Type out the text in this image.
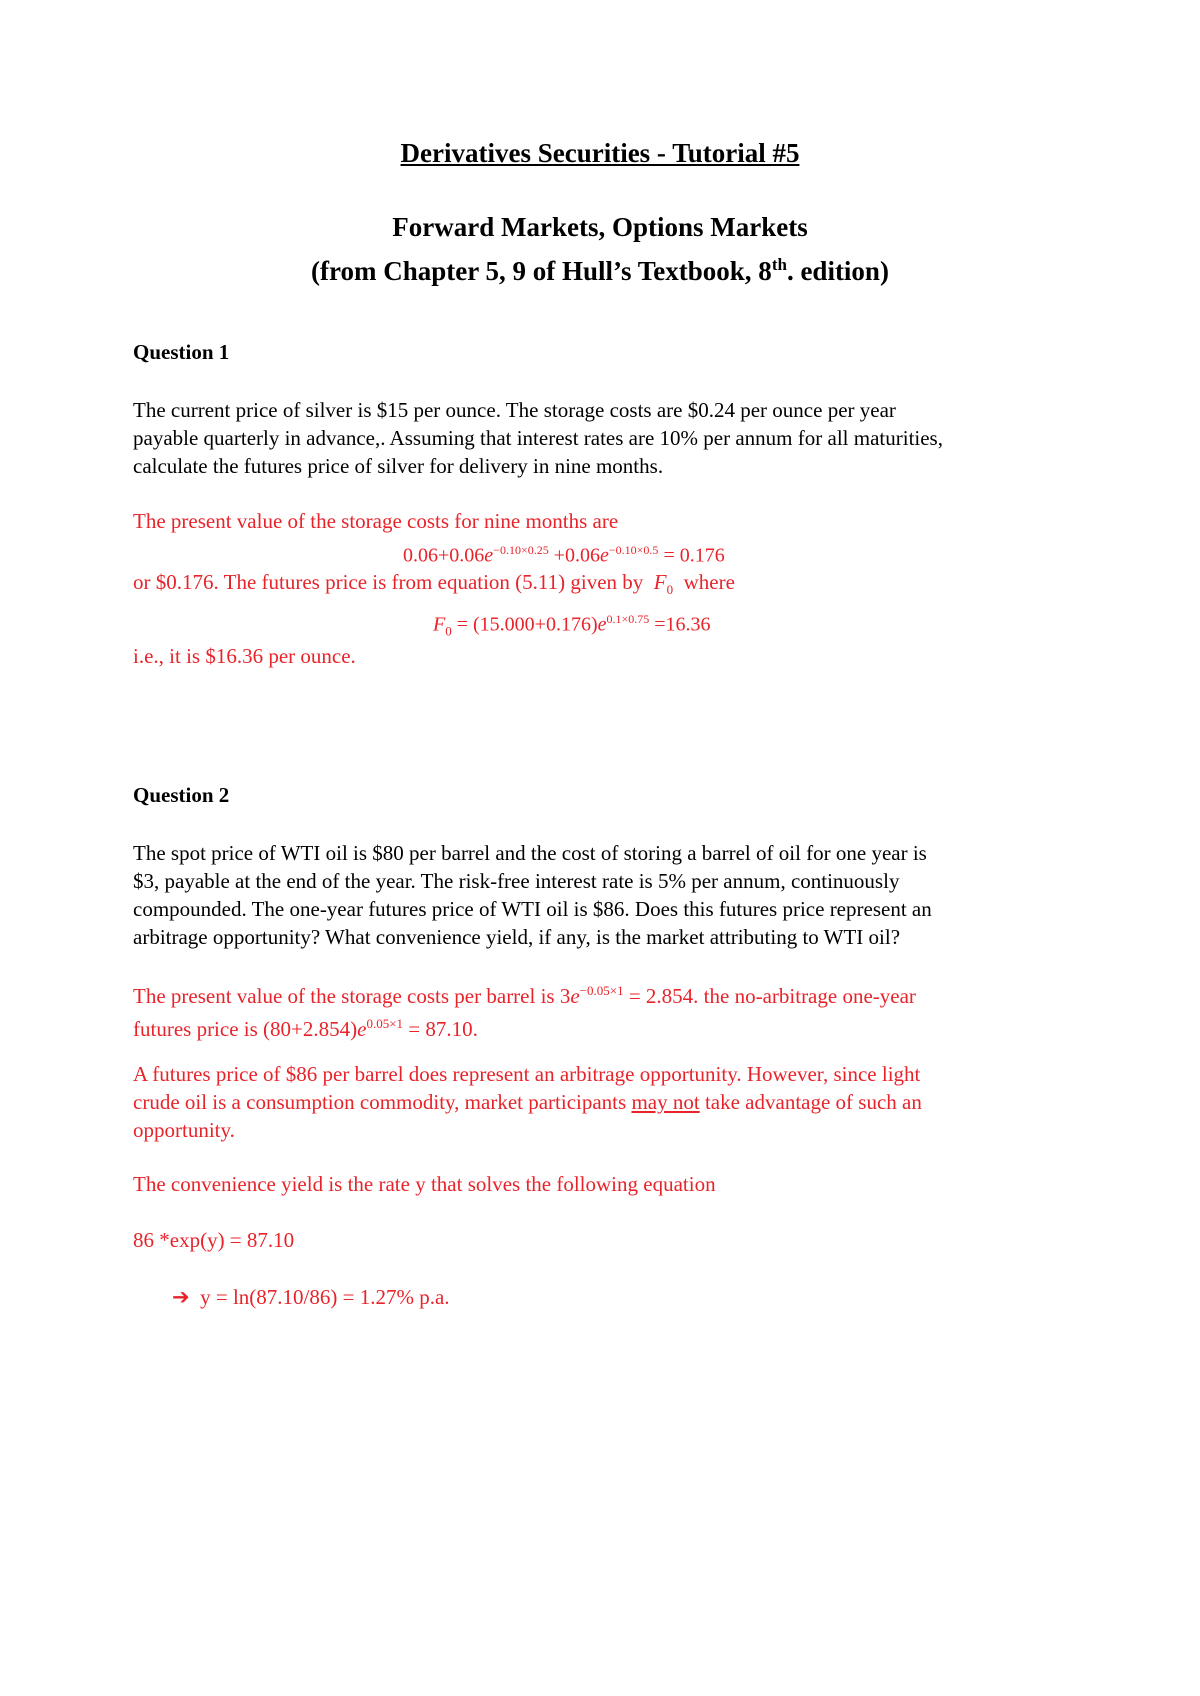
Derivatives Securities - Tutorial #5
Forward Markets, Options Markets
(from Chapter 5, 9 of Hull’s Textbook, 8th. edition)
Question 1

The current price of silver is $15 per ounce. The storage costs are $0.24 per ounce per year

payable quarterly in advance,. Assuming that interest rates are 10% per annum for all maturities,

calculate the futures price of silver for delivery in nine months.

The present value of the storage costs for nine months are

$0.06+0.06e^{-0.10\times 0.25} +0.06e^{-0.10\times 0.5} = 0.176$

or $0.176. The futures price is from equation (5.11) given by $F_0$ where

$F_0 = (15.000+0.176)e^{0.1\times 0.75} =16.36$

i.e., it is $16.36 per ounce.

Question 2

The spot price of WTI oil is $80 per barrel and the cost of storing a barrel of oil for one year is

$3, payable at the end of the year. The risk-free interest rate is 5% per annum, continuously

compounded. The one-year futures price of WTI oil is $86. Does this futures price represent an

arbitrage opportunity? What convenience yield, if any, is the market attributing to WTI oil?

The present value of the storage costs per barrel is $3e^{-0.05\times 1} = 2.854$. the no-arbitrage one-year

futures price is $(80+2.854)e^{0.05\times 1} = 87.10$.

A futures price of $86 per barrel does represent an arbitrage opportunity. However, since light

crude oil is a consumption commodity, market participants may not take advantage of such an

opportunity.

The convenience yield is the rate y that solves the following equation

86 *exp(y) = 87.10

➔ y = ln(87.10/86) = 1.27% p.a.
